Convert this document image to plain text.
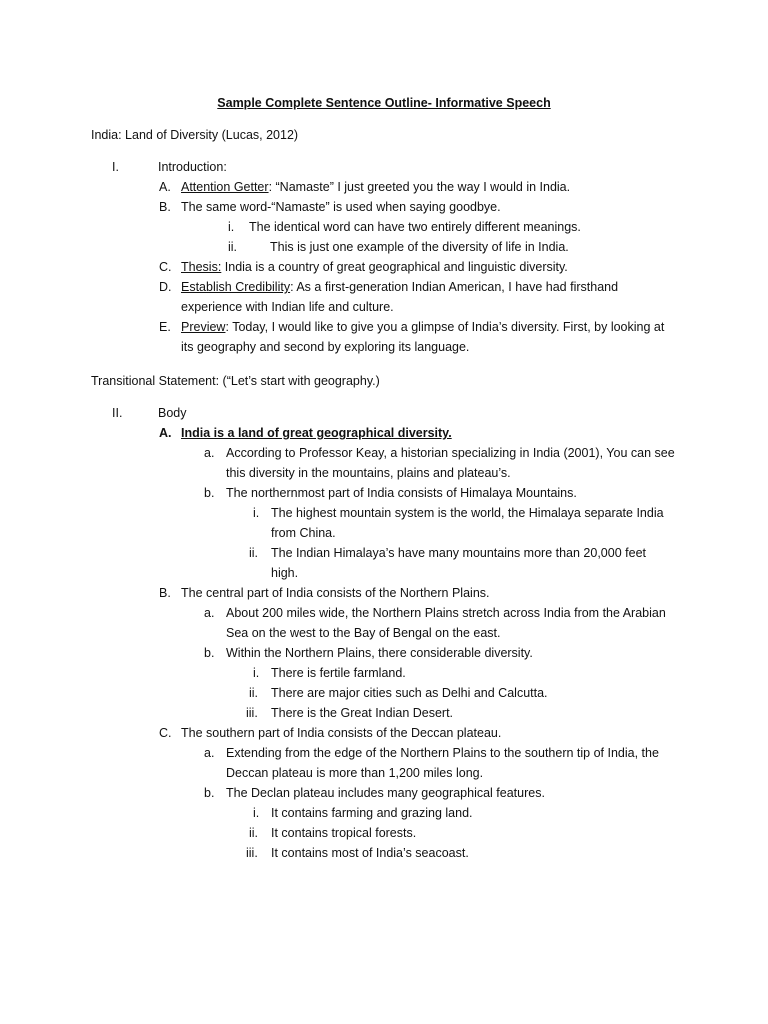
Sample Complete Sentence Outline- Informative Speech
India: Land of Diversity (Lucas, 2012)
I.	Introduction:
A. Attention Getter: “Namaste” I just greeted you the way I would in India.
B. The same word-“Namaste” is used when saying goodbye.
i. The identical word can have two entirely different meanings.
ii.	This is just one example of the diversity of life in India.
C. Thesis: India is a country of great geographical and linguistic diversity.
D. Establish Credibility: As a first-generation Indian American, I have had firsthand
experience with Indian life and culture.
E. Preview: Today, I would like to give you a glimpse of India’s diversity. First, by looking at
its geography and second by exploring its language.
Transitional Statement: (“Let’s start with geography.)
II.	Body
A. India is a land of great geographical diversity.
a. According to Professor Keay, a historian specializing in India (2001), You can see
this diversity in the mountains, plains and plateau’s.
b. The northernmost part of India consists of Himalaya Mountains.
i. The highest mountain system is the world, the Himalaya separate India
from China.
ii. The Indian Himalaya’s have many mountains more than 20,000 feet
high.
B. The central part of India consists of the Northern Plains.
a. About 200 miles wide, the Northern Plains stretch across India from the Arabian
Sea on the west to the Bay of Bengal on the east.
b. Within the Northern Plains, there considerable diversity.
i. There is fertile farmland.
ii. There are major cities such as Delhi and Calcutta.
iii. There is the Great Indian Desert.
C. The southern part of India consists of the Deccan plateau.
a. Extending from the edge of the Northern Plains to the southern tip of India, the
Deccan plateau is more than 1,200 miles long.
b. The Declan plateau includes many geographical features.
i. It contains farming and grazing land.
ii. It contains tropical forests.
iii. It contains most of India’s seacoast.
